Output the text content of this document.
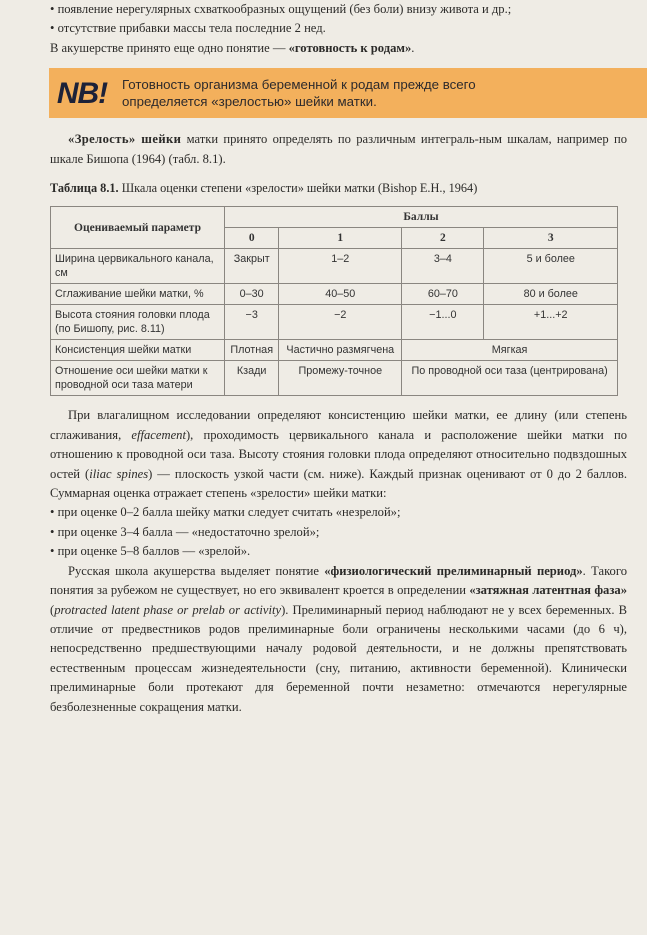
• появление нерегулярных схваткообразных ощущений (без боли) внизу живота и др.;

• отсутствие прибавки массы тела последние 2 нед.

В акушерстве принято еще одно понятие — «готовность к родам».

NB!	Готовность организма беременной к родам прежде всего
определяется «зрелостью» шейки матки.

«Зрелость» шейки матки принято определять по различным интеграль-ным шкалам, например по шкале Бишопа (1964) (табл. 8.1).

Таблица 8.1. Шкала оценки степени «зрелости» шейки матки (Bishop E.H., 1964)

Оцениваемый параметр	Баллы			
	0	1	2	3
Ширина цервикального канала, см	Закрыт	1–2	3–4	5 и более
Сглаживание шейки матки, %	0–30	40–50	60–70	80 и более
Высота стояния головки плода (по Бишопу, рис. 8.11)	−3	−2	−1...0	+1...+2
Консистенция шейки матки	Плотная	Частично размягчена	Мягкая	
Отношение оси шейки матки к проводной оси таза матери	Кзади	Промежу-точное	По проводной оси таза (центрирована)	

При влагалищном исследовании определяют консистенцию шейки матки, ее длину (или степень сглаживания, effacement), проходимость цервикального канала и расположение шейки матки по отношению к проводной оси таза. Высоту стояния головки плода определяют относительно подвздошных остей (iliac spines) — плоскость узкой части (см. ниже). Каждый признак оценивают от 0 до 2 баллов. Суммарная оценка отражает степень «зрелости» шейки матки:

• при оценке 0–2 балла шейку матки следует считать «незрелой»;

• при оценке 3–4 балла — «недостаточно зрелой»;

• при оценке 5–8 баллов — «зрелой».

Русская школа акушерства выделяет понятие «физиологический прелиминарный период». Такого понятия за рубежом не существует, но его эквивалент кроется в определении «затяжная латентная фаза» (protracted latent phase or prelab or activity). Прелиминарный период наблюдают не у всех беременных. В отличие от предвестников родов прелиминарные боли ограничены несколькими часами (до 6 ч), непосредственно предшествующими началу родовой деятельности, и не должны препятствовать естественным процессам жизнедеятельности (сну, питанию, активности беременной). Клинически прелиминарные боли протекают для беременной почти незаметно: отмечаются нерегулярные безболезненные сокращения матки.
